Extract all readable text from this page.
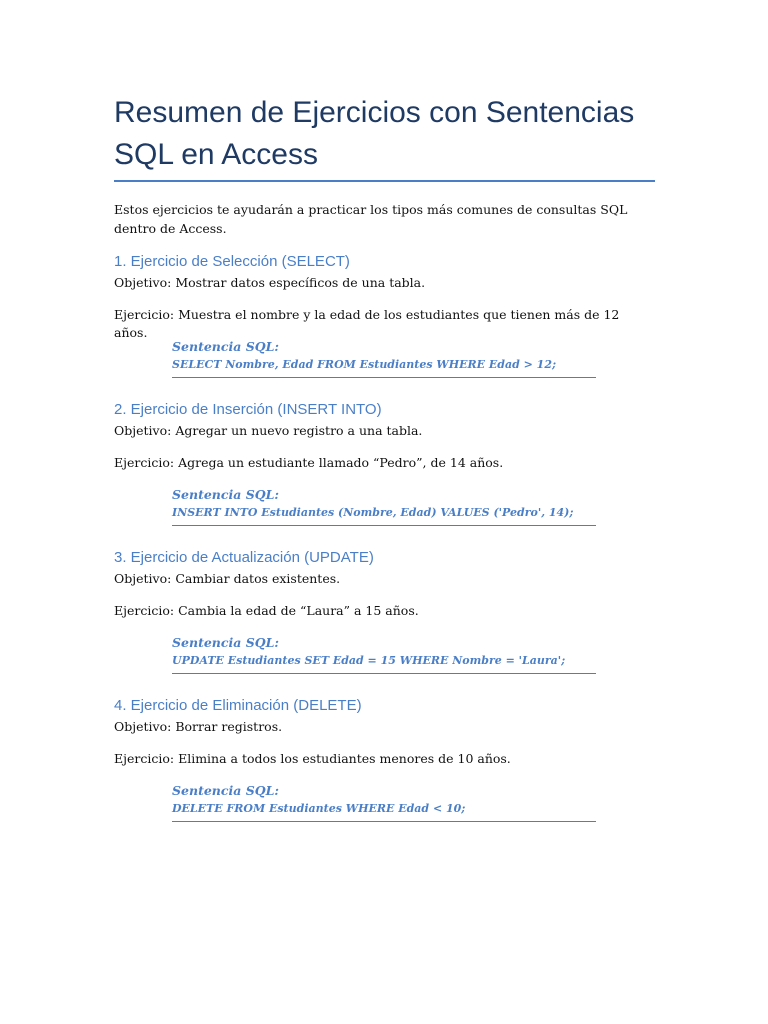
Resumen de Ejercicios con Sentencias SQL en Access

Estos ejercicios te ayudarán a practicar los tipos más comunes de consultas SQL dentro de Access.

1. Ejercicio de Selección (SELECT)

Objetivo: Mostrar datos específicos de una tabla.

Ejercicio: Muestra el nombre y la edad de los estudiantes que tienen más de 12 años.

Sentencia SQL:

SELECT Nombre, Edad FROM Estudiantes WHERE Edad > 12;

2. Ejercicio de Inserción (INSERT INTO)

Objetivo: Agregar un nuevo registro a una tabla.

Ejercicio: Agrega un estudiante llamado “Pedro”, de 14 años.

Sentencia SQL:

INSERT INTO Estudiantes (Nombre, Edad) VALUES ('Pedro', 14);

3. Ejercicio de Actualización (UPDATE)

Objetivo: Cambiar datos existentes.

Ejercicio: Cambia la edad de “Laura” a 15 años.

Sentencia SQL:

UPDATE Estudiantes SET Edad = 15 WHERE Nombre = 'Laura';

4. Ejercicio de Eliminación (DELETE)

Objetivo: Borrar registros.

Ejercicio: Elimina a todos los estudiantes menores de 10 años.

Sentencia SQL:

DELETE FROM Estudiantes WHERE Edad < 10;
